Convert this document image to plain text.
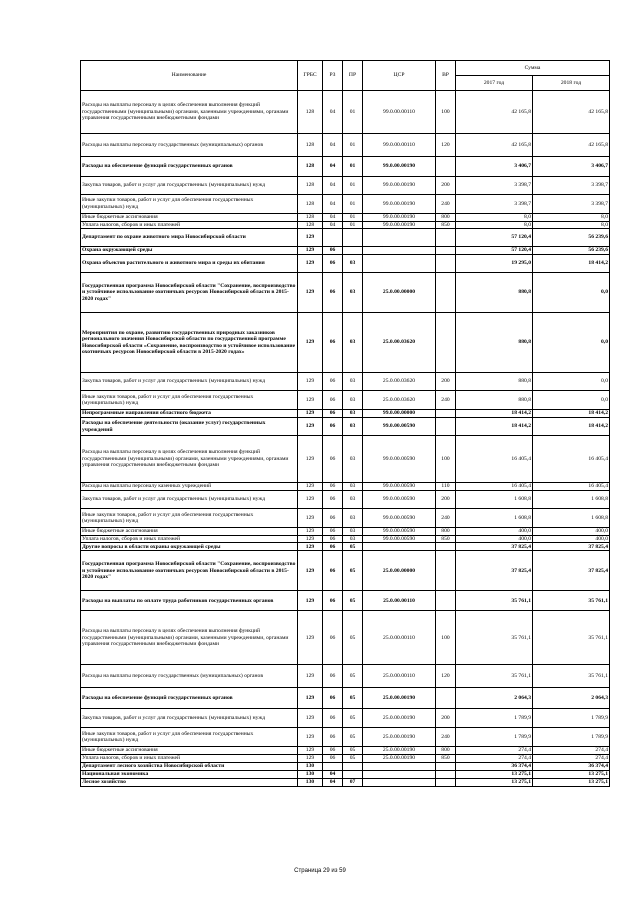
Наименование	ГРБС	РЗ	ПР	ЦСР	ВР	Сумма	
						2017 год	2018 год
Расходы на выплаты персоналу в целях обеспечения выполнения функций государственными (муниципальными) органами, казенными учреждениями, органами управления государственными внебюджетными фондами	128	04	01	99.0.00.00110	100	42 165,8	42 165,8
Расходы на выплаты персоналу государственных (муниципальных) органов	128	04	01	99.0.00.00110	120	42 165,8	42 165,8
Расходы на обеспечение функций государственных органов	128	04	01	99.0.00.00190		3 406,7	3 406,7
Закупка товаров, работ и услуг для государственных (муниципальных) нужд	128	04	01	99.0.00.00190	200	3 398,7	3 398,7
Иные закупки товаров, работ и услуг для обеспечения государственных (муниципальных) нужд	128	04	01	99.0.00.00190	240	3 398,7	3 398,7
Иные бюджетные ассигнования	128	04	01	99.0.00.00190	800	8,0	8,0
Уплата налогов, сборов и иных платежей	128	04	01	99.0.00.00190	850	8,0	8,0
Департамент по охране животного мира Новосибирской области	129					57 120,4	56 239,6
Охрана окружающей среды	129	06				57 120,4	56 239,6
Охрана объектов растительного и животного мира и среды их обитания	129	06	03			19 295,0	18 414,2
Государственная программа Новосибирской области "Сохранение, воспроизводство и устойчивое использование охотничьих ресурсов Новосибирской области в 2015-2020 годах"	129	06	03	25.0.00.00000		880,8	0,0
Мероприятия по охране, развитию государственных природных заказников регионального значения Новосибирской области по государственной программе Новосибирской области «Сохранение, воспроизводство и устойчивое использование охотничьих ресурсов Новосибирской области в 2015-2020 годах»	129	06	03	25.0.00.03620		880,8	0,0
Закупка товаров, работ и услуг для государственных (муниципальных) нужд	129	06	03	25.0.00.03620	200	880,8	0,0
Иные закупки товаров, работ и услуг для обеспечения государственных (муниципальных) нужд	129	06	03	25.0.00.03620	240	880,8	0,0
Непрограммные направления областного бюджета	129	06	03	99.0.00.00000		18 414,2	18 414,2
Расходы на обеспечение деятельности (оказание услуг) государственных учреждений	129	06	03	99.0.00.00590		18 414,2	18 414,2
Расходы на выплаты персоналу в целях обеспечения выполнения функций государственными (муниципальными) органами, казенными учреждениями, органами управления государственными внебюджетными фондами	129	06	03	99.0.00.00590	100	16 405,4	16 405,4
Расходы на выплаты персоналу казенных учреждений	129	06	03	99.0.00.00590	110	16 405,4	16 405,4
Закупка товаров, работ и услуг для государственных (муниципальных) нужд	129	06	03	99.0.00.00590	200	1 608,8	1 608,8
Иные закупки товаров, работ и услуг для обеспечения государственных (муниципальных) нужд	129	06	03	99.0.00.00590	240	1 608,8	1 608,8
Иные бюджетные ассигнования	129	06	03	99.0.00.00590	800	400,0	400,0
Уплата налогов, сборов и иных платежей	129	06	03	99.0.00.00590	850	400,0	400,0
Другие вопросы в области охраны окружающей среды	129	06	05			37 825,4	37 825,4
Государственная программа Новосибирской области "Сохранение, воспроизводство и устойчивое использование охотничьих ресурсов Новосибирской области в 2015-2020 годах"	129	06	05	25.0.00.00000		37 825,4	37 825,4
Расходы на выплаты по оплате труда работников государственных органов	129	06	05	25.0.00.00110		35 761,1	35 761,1
Расходы на выплаты персоналу в целях обеспечения выполнения функций государственными (муниципальными) органами, казенными учреждениями, органами управления государственными внебюджетными фондами	129	06	05	25.0.00.00110	100	35 761,1	35 761,1
Расходы на выплаты персоналу государственных (муниципальных) органов	129	06	05	25.0.00.00110	120	35 761,1	35 761,1
Расходы на обеспечение функций государственных органов	129	06	05	25.0.00.00190		2 064,3	2 064,3
Закупка товаров, работ и услуг для государственных (муниципальных) нужд	129	06	05	25.0.00.00190	200	1 789,9	1 789,9
Иные закупки товаров, работ и услуг для обеспечения государственных (муниципальных) нужд	129	06	05	25.0.00.00190	240	1 789,9	1 789,9
Иные бюджетные ассигнования	129	06	05	25.0.00.00190	800	274,4	274,4
Уплата налогов, сборов и иных платежей	129	06	05	25.0.00.00190	850	274,4	274,4
Департамент лесного хозяйства Новосибирской области	130					36 374,4	36 374,4
Национальная экономика	130	04				13 275,1	13 275,1
Лесное хозяйство	130	04	07			13 275,1	13 275,1
Страница 29 из 59
